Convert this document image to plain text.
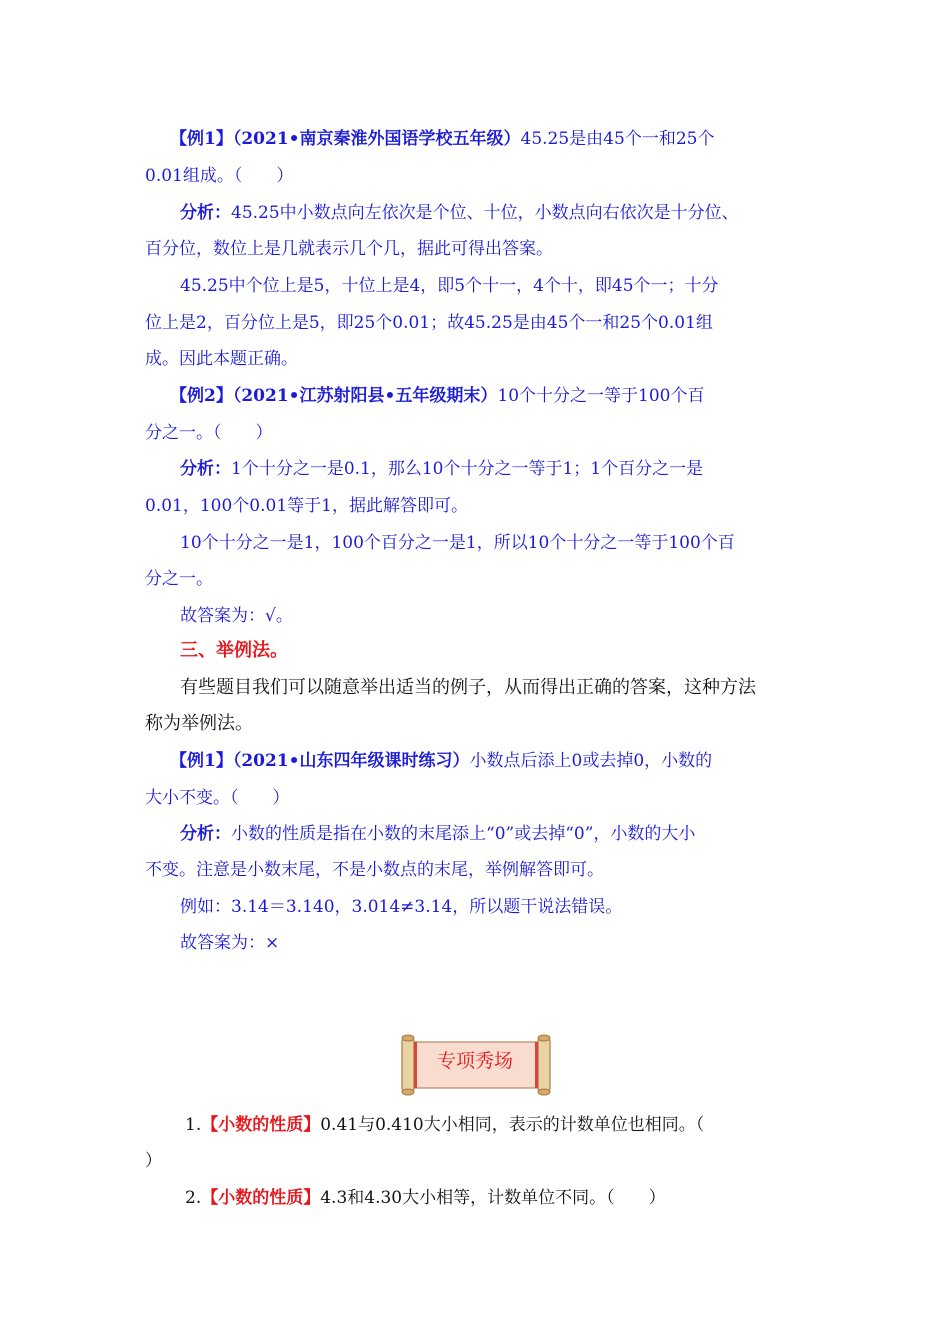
【例1】（2021•南京秦淮外国语学校五年级）45.25是由45个一和25个
0.01组成。（　　）
分析：45.25中小数点向左依次是个位、十位，小数点向右依次是十分位、
百分位，数位上是几就表示几个几，据此可得出答案。
45.25中个位上是5，十位上是4，即5个十一，4个十，即45个一；十分
位上是2，百分位上是5，即25个0.01；故45.25是由45个一和25个0.01组
成。因此本题正确。
【例2】（2021•江苏射阳县•五年级期末）10个十分之一等于100个百
分之一。（　　）
分析：1个十分之一是0.1，那么10个十分之一等于1；1个百分之一是
0.01，100个0.01等于1，据此解答即可。
10个十分之一是1，100个百分之一是1，所以10个十分之一等于100个百
分之一。
故答案为：√。
三、举例法。
有些题目我们可以随意举出适当的例子，从而得出正确的答案，这种方法
称为举例法。
【例1】（2021•山东四年级课时练习）小数点后添上0或去掉0，小数的
大小不变。（　　）
分析：小数的性质是指在小数的末尾添上“0”或去掉“0”，小数的大小
不变。注意是小数末尾，不是小数点的末尾，举例解答即可。
例如：3.14＝3.140，3.014≠3.14，所以题干说法错误。
故答案为：×
专项秀场
1.【小数的性质】0.41与0.410大小相同，表示的计数单位也相同。（
）
2.【小数的性质】4.3和4.30大小相等，计数单位不同。（　　）
